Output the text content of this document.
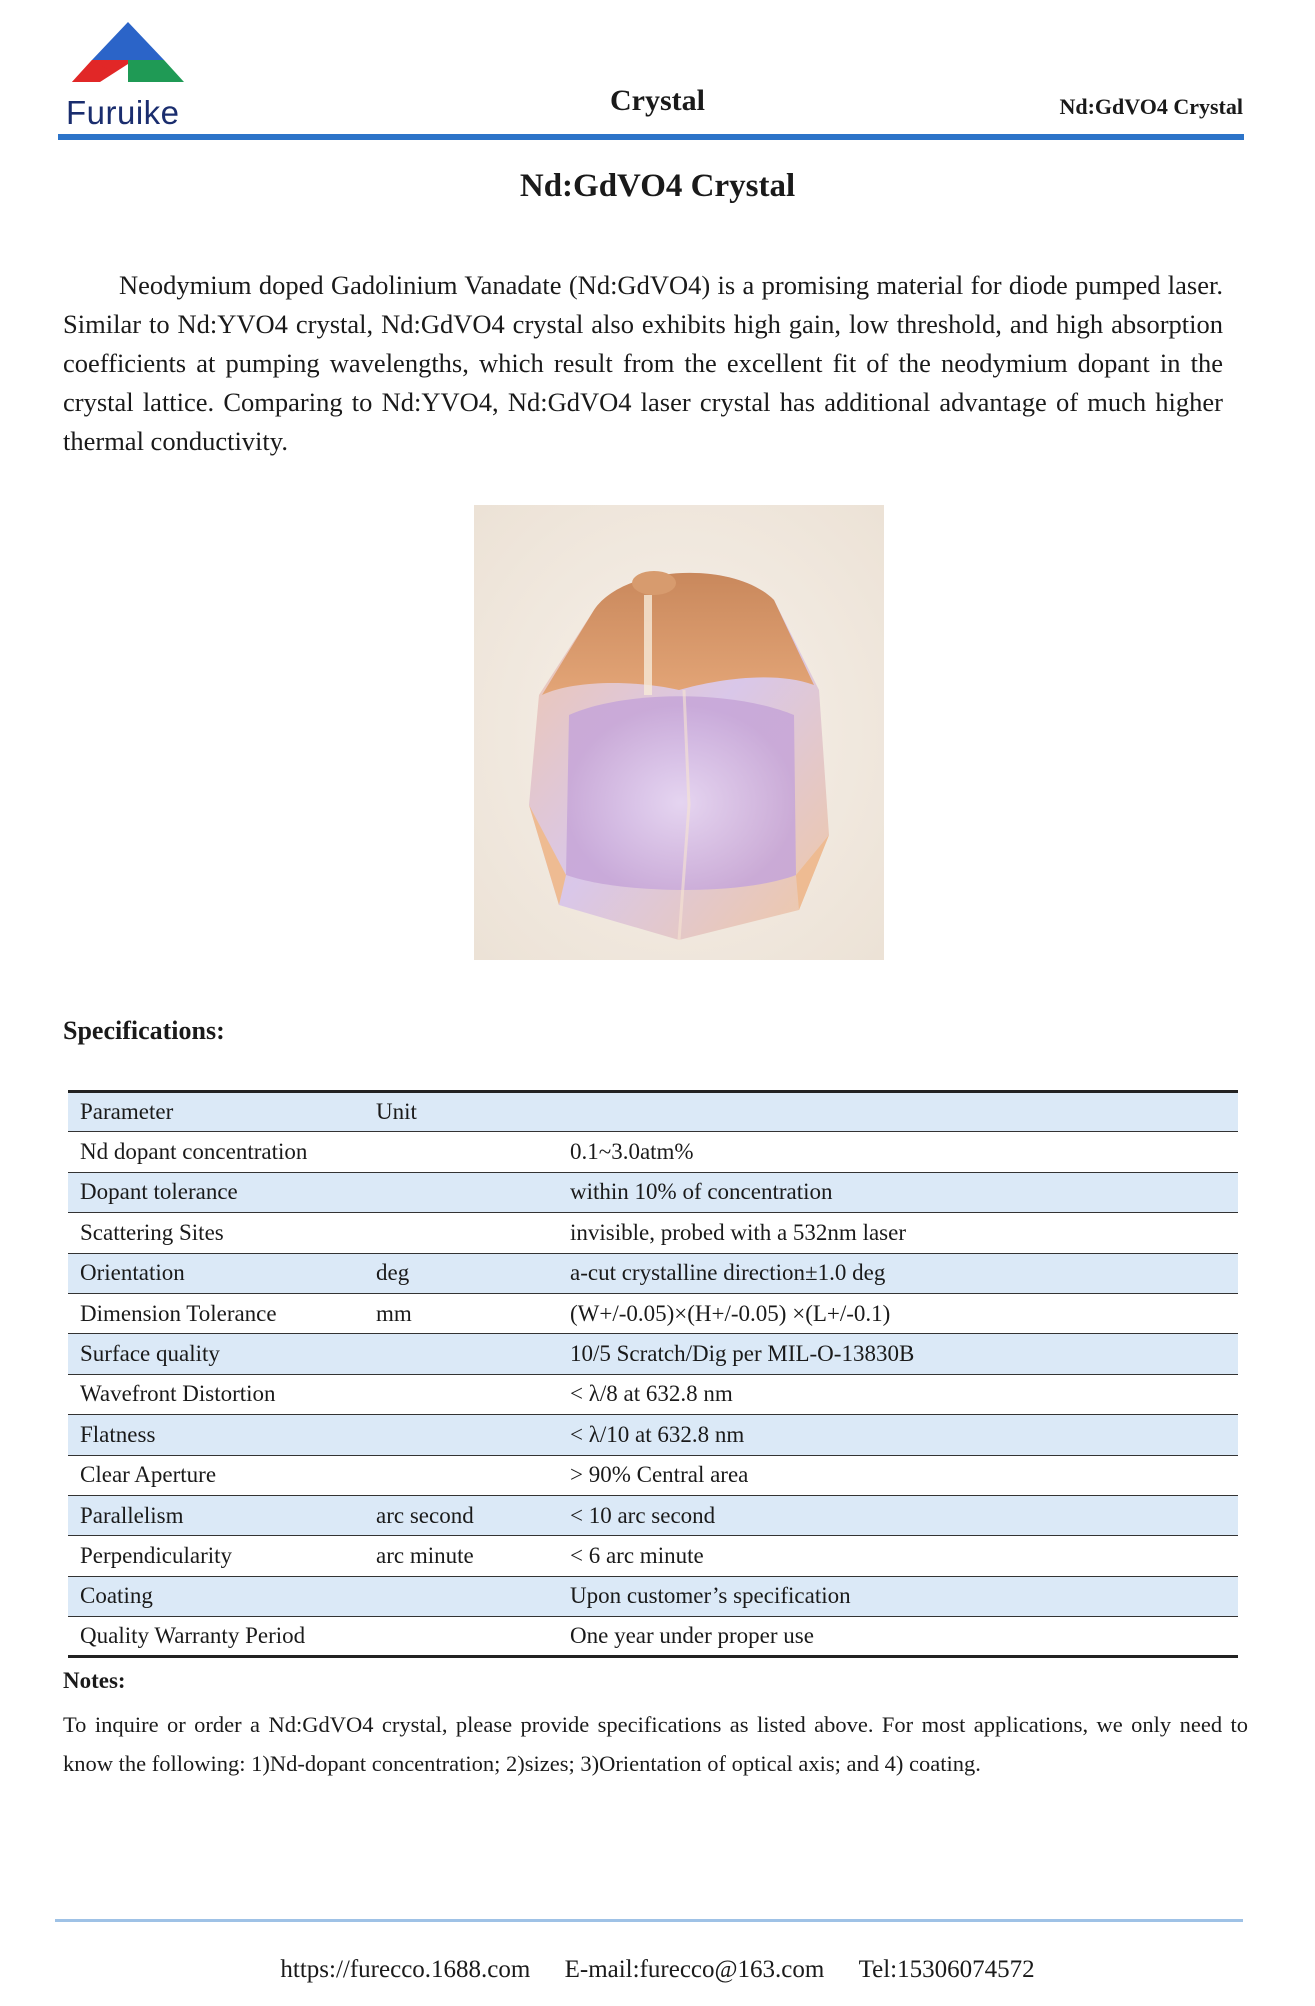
Furuike	Crystal	Nd:GdVO4 Crystal
Nd:GdVO4 Crystal

Neodymium doped Gadolinium Vanadate (Nd:GdVO4) is a promising material for diode pumped laser. Similar to Nd:YVO4 crystal, Nd:GdVO4 crystal also exhibits high gain, low threshold, and high absorption coefficients at pumping wavelengths, which result from the excellent fit of the neodymium dopant in the crystal lattice. Comparing to Nd:YVO4, Nd:GdVO4 laser crystal has additional advantage of much higher thermal conductivity.

Specifications:
Parameter	Unit	
Nd dopant concentration		0.1~3.0atm%
Dopant tolerance		within 10% of concentration
Scattering Sites		invisible, probed with a 532nm laser
Orientation	deg	a-cut crystalline direction±1.0 deg
Dimension Tolerance	mm	(W+/-0.05)×(H+/-0.05) ×(L+/-0.1)
Surface quality		10/5 Scratch/Dig per MIL-O-13830B
Wavefront Distortion		< λ/8 at 632.8 nm
Flatness		< λ/10 at 632.8 nm
Clear Aperture		> 90% Central area
Parallelism	arc second	< 10 arc second
Perpendicularity	arc minute	< 6 arc minute
Coating		Upon customer’s specification
Quality Warranty Period		One year under proper use
Notes:

To inquire or order a Nd:GdVO4 crystal, please provide specifications as listed above. For most applications, we only need to know the following: 1)Nd-dopant concentration; 2)sizes; 3)Orientation of optical axis; and 4) coating.

https://furecco.1688.com E-mail:furecco@163.com Tel:15306074572
